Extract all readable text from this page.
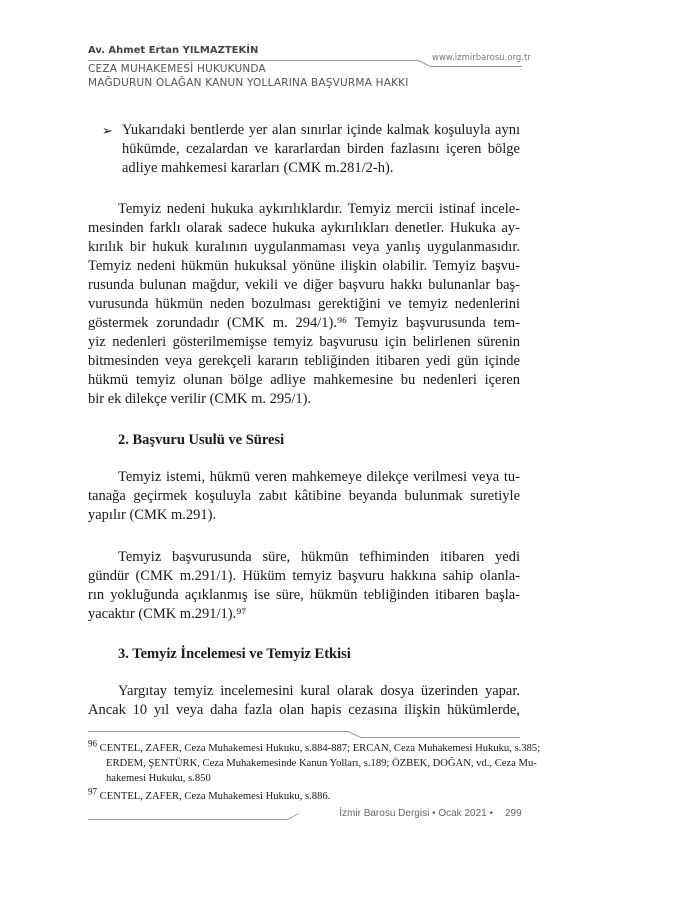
Av. Ahmet Ertan YILMAZTEKİN
CEZA MUHAKEMESİ HUKUKUNDA
MAĞDURUN OLAĞAN KANUN YOLLARINA BAŞVURMA HAKKI
www.izmirbarosu.org.tr
➢ Yukarıdaki bentlerde yer alan sınırlar içinde kalmak koşuluyla aynı
hükümde, cezalardan ve kararlardan birden fazlasını içeren bölge
adliye mahkemesi kararları (CMK m.281/2-h).
Temyiz nedeni hukuka aykırılıklardır. Temyiz mercii istinaf incele-
mesinden farklı olarak sadece hukuka aykırılıkları denetler. Hukuka ay-
kırılık bir hukuk kuralının uygulanmaması veya yanlış uygulanmasıdır.
Temyiz nedeni hükmün hukuksal yönüne ilişkin olabilir. Temyiz başvu-
rusunda bulunan mağdur, vekili ve diğer başvuru hakkı bulunanlar baş-
vurusunda hükmün neden bozulması gerektiğini ve temyiz nedenlerini
göstermek zorundadır (CMK m. 294/1).⁹⁶ Temyiz başvurusunda tem-
yiz nedenleri gösterilmemişse temyiz başvurusu için belirlenen sürenin
bitmesinden veya gerekçeli kararın tebliğinden itibaren yedi gün içinde
hükmü temyiz olunan bölge adliye mahkemesine bu nedenleri içeren
bir ek dilekçe verilir (CMK m. 295/1).
2. Başvuru Usulü ve Süresi
Temyiz istemi, hükmü veren mahkemeye dilekçe verilmesi veya tu-
tanağa geçirmek koşuluyla zabıt kâtibine beyanda bulunmak suretiyle
yapılır (CMK m.291).
Temyiz başvurusunda süre, hükmün tefhiminden itibaren yedi
gündür (CMK m.291/1). Hüküm temyiz başvuru hakkına sahip olanla-
rın yokluğunda açıklanmış ise süre, hükmün tebliğinden itibaren başla-
yacaktır (CMK m.291/1).⁹⁷
3. Temyiz İncelemesi ve Temyiz Etkisi
Yargıtay temyiz incelemesini kural olarak dosya üzerinden yapar.
Ancak 10 yıl veya daha fazla olan hapis cezasına ilişkin hükümlerde,
$^{96}$ CENTEL, ZAFER, Ceza Muhakemesi Hukuku, s.884-887; ERCAN, Ceza Muhakemesi Hukuku, s.385;
ERDEM, ŞENTÜRK, Ceza Muhakemesinde Kanun Yolları, s.189; ÖZBEK, DOĞAN, vd., Ceza Mu-
hakemesi Hukuku, s.850
$^{97}$ CENTEL, ZAFER, Ceza Muhakemesi Hukuku, s.886.
İzmir Barosu Dergisi • Ocak 2021 • 299
